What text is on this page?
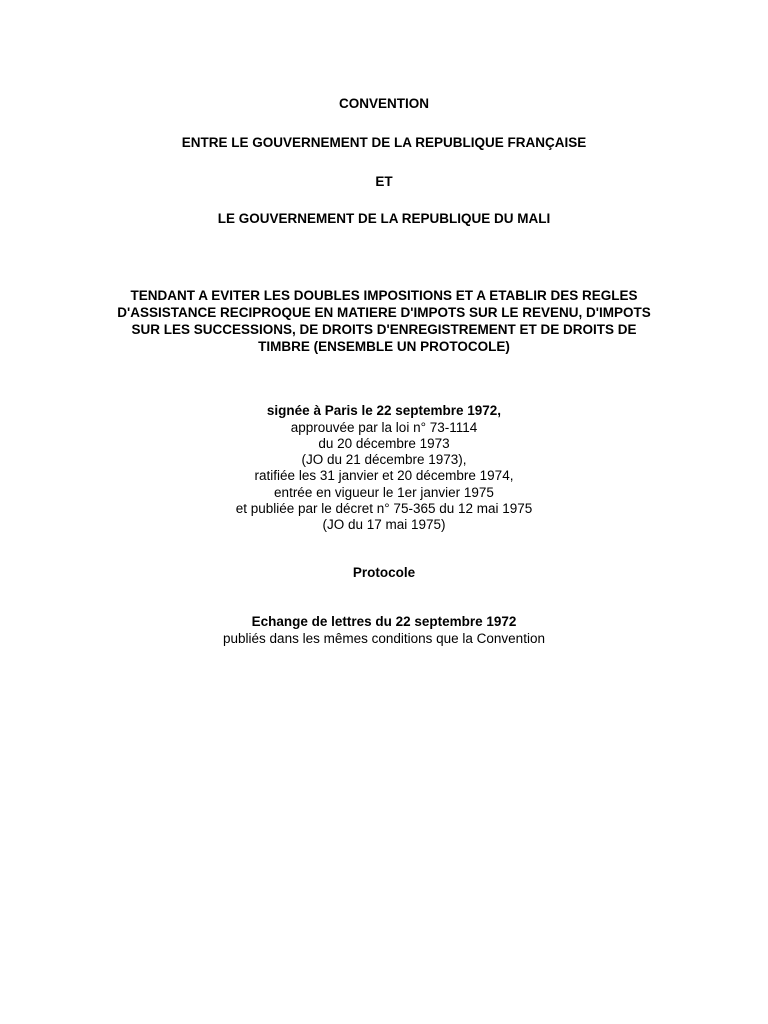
CONVENTION
ENTRE LE GOUVERNEMENT DE LA REPUBLIQUE FRANÇAISE
ET
LE GOUVERNEMENT DE LA REPUBLIQUE DU MALI
TENDANT A EVITER LES DOUBLES IMPOSITIONS ET A ETABLIR DES REGLES
D'ASSISTANCE RECIPROQUE EN MATIERE D'IMPOTS SUR LE REVENU, D'IMPOTS
SUR LES SUCCESSIONS, DE DROITS D'ENREGISTREMENT ET DE DROITS DE
TIMBRE (ENSEMBLE UN PROTOCOLE)
signée à Paris le 22 septembre 1972,
approuvée par la loi n° 73-1114
du 20 décembre 1973
(JO du 21 décembre 1973),
ratifiée les 31 janvier et 20 décembre 1974,
entrée en vigueur le 1er janvier 1975
et publiée par le décret n° 75-365 du 12 mai 1975
(JO du 17 mai 1975)
Protocole
Echange de lettres du 22 septembre 1972
publiés dans les mêmes conditions que la Convention
